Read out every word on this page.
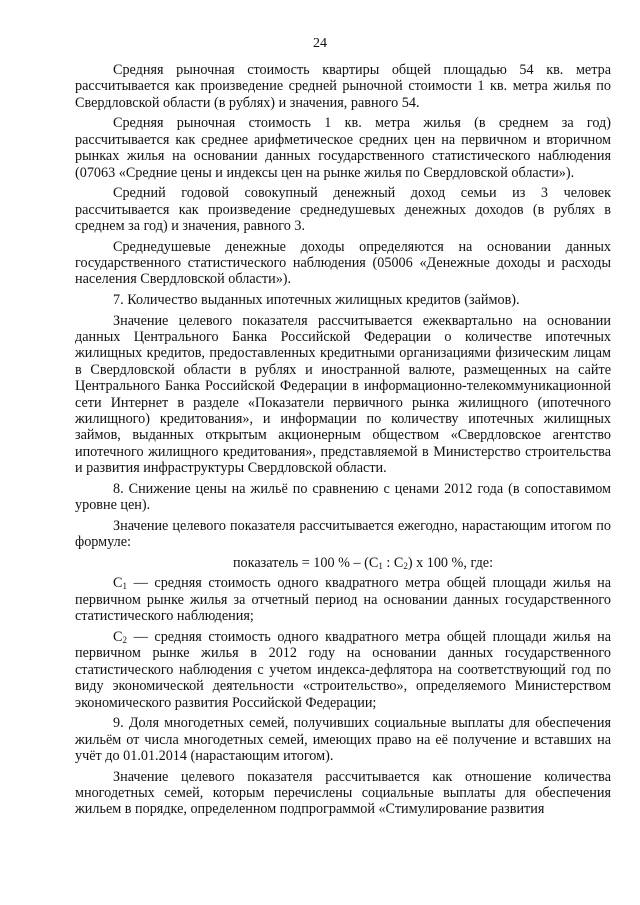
24

Средняя рыночная стоимость квартиры общей площадью 54 кв. метра рассчитывается как произведение средней рыночной стоимости 1 кв. метра жилья по Свердловской области (в рублях) и значения, равного 54.

Средняя рыночная стоимость 1 кв. метра жилья (в среднем за год) рассчитывается как среднее арифметическое средних цен на первичном и вторичном рынках жилья на основании данных государственного статистического наблюдения (07063 «Средние цены и индексы цен на рынке жилья по Свердловской области»).

Средний годовой совокупный денежный доход семьи из 3 человек рассчитывается как произведение среднедушевых денежных доходов (в рублях в среднем за год) и значения, равного 3.

Среднедушевые денежные доходы определяются на основании данных государственного статистического наблюдения (05006 «Денежные доходы и расходы населения Свердловской области»).

7. Количество выданных ипотечных жилищных кредитов (займов).

Значение целевого показателя рассчитывается ежеквартально на основании данных Центрального Банка Российской Федерации о количестве ипотечных жилищных кредитов, предоставленных кредитными организациями физическим лицам в Свердловской области в рублях и иностранной валюте, размещенных на сайте Центрального Банка Российской Федерации в информационно-телекоммуникационной сети Интернет в разделе «Показатели первичного рынка жилищного (ипотечного жилищного) кредитования», и информации по количеству ипотечных жилищных займов, выданных открытым акционерным обществом «Свердловское агентство ипотечного жилищного кредитования», представляемой в Министерство строительства и развития инфраструктуры Свердловской области.

8. Снижение цены на жильё по сравнению с ценами 2012 года (в сопоставимом уровне цен).

Значение целевого показателя рассчитывается ежегодно, нарастающим итогом по формуле:

показатель = 100 % – ($С_1$ : $С_2$) х 100 %, где:

$С_1$ — средняя стоимость одного квадратного метра общей площади жилья на первичном рынке жилья за отчетный период на основании данных государственного статистического наблюдения;

$С_2$ — средняя стоимость одного квадратного метра общей площади жилья на первичном рынке жилья в 2012 году на основании данных государственного статистического наблюдения с учетом индекса-дефлятора на соответствующий год по виду экономической деятельности «строительство», определяемого Министерством экономического развития Российской Федерации;

9. Доля многодетных семей, получивших социальные выплаты для обеспечения жильём от числа многодетных семей, имеющих право на её получение и вставших на учёт до 01.01.2014 (нарастающим итогом).

Значение целевого показателя рассчитывается как отношение количества многодетных семей, которым перечислены социальные выплаты для обеспечения жильем в порядке, определенном подпрограммой «Стимулирование развития
